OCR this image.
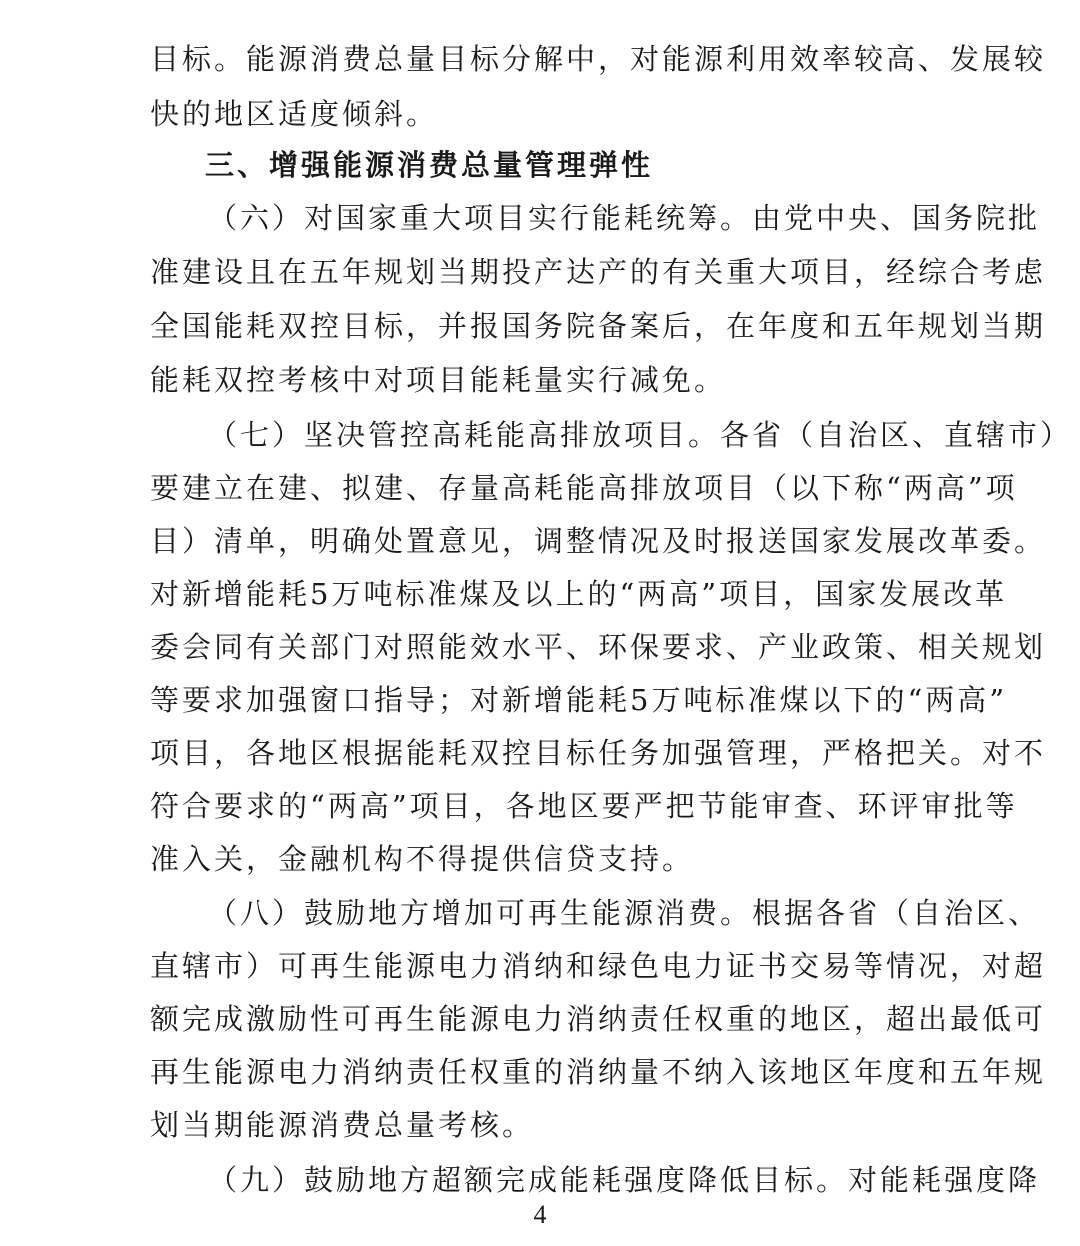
目标。能源消费总量目标分解中，对能源利用效率较高、发展较
快的地区适度倾斜。
三、增强能源消费总量管理弹性
（六）对国家重大项目实行能耗统筹。由党中央、国务院批
准建设且在五年规划当期投产达产的有关重大项目，经综合考虑
全国能耗双控目标，并报国务院备案后，在年度和五年规划当期
能耗双控考核中对项目能耗量实行减免。
（七）坚决管控高耗能高排放项目。各省（自治区、直辖市）
要建立在建、拟建、存量高耗能高排放项目（以下称“两高”项
目）清单，明确处置意见，调整情况及时报送国家发展改革委。
对新增能耗5万吨标准煤及以上的“两高”项目，国家发展改革
委会同有关部门对照能效水平、环保要求、产业政策、相关规划
等要求加强窗口指导；对新增能耗5万吨标准煤以下的“两高”
项目，各地区根据能耗双控目标任务加强管理，严格把关。对不
符合要求的“两高”项目，各地区要严把节能审查、环评审批等
准入关，金融机构不得提供信贷支持。
（八）鼓励地方增加可再生能源消费。根据各省（自治区、
直辖市）可再生能源电力消纳和绿色电力证书交易等情况，对超
额完成激励性可再生能源电力消纳责任权重的地区，超出最低可
再生能源电力消纳责任权重的消纳量不纳入该地区年度和五年规
划当期能源消费总量考核。
（九）鼓励地方超额完成能耗强度降低目标。对能耗强度降
4
